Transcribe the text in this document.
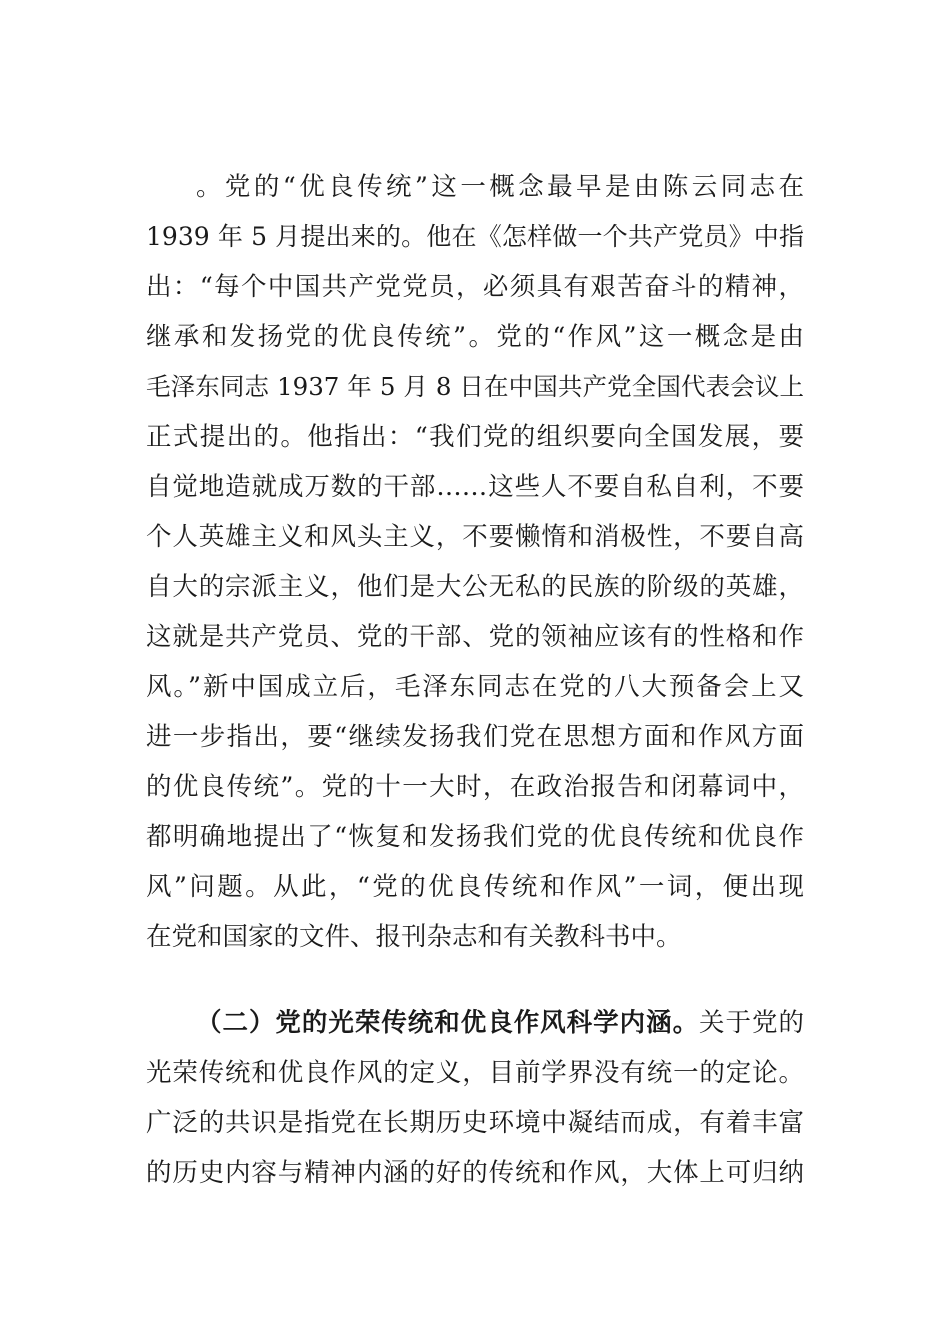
。党的“优良传统”这一概念最早是由陈云同志在
1939 年 5 月提出来的。他在《怎样做一个共产党员》中指
出：“每个中国共产党党员，必须具有艰苦奋斗的精神，
继承和发扬党的优良传统”。党的“作风”这一概念是由
毛泽东同志 1937 年 5 月 8 日在中国共产党全国代表会议上
正式提出的。他指出：“我们党的组织要向全国发展，要
自觉地造就成万数的干部……这些人不要自私自利，不要
个人英雄主义和风头主义，不要懒惰和消极性，不要自高
自大的宗派主义，他们是大公无私的民族的阶级的英雄，
这就是共产党员、党的干部、党的领袖应该有的性格和作
风。”新中国成立后，毛泽东同志在党的八大预备会上又
进一步指出，要“继续发扬我们党在思想方面和作风方面
的优良传统”。党的十一大时，在政治报告和闭幕词中，
都明确地提出了“恢复和发扬我们党的优良传统和优良作
风”问题。从此，“党的优良传统和作风”一词，便出现
在党和国家的文件、报刊杂志和有关教科书中。
（二）党的光荣传统和优良作风科学内涵。关于党的
光荣传统和优良作风的定义，目前学界没有统一的定论。
广泛的共识是指党在长期历史环境中凝结而成，有着丰富
的历史内容与精神内涵的好的传统和作风，大体上可归纳
